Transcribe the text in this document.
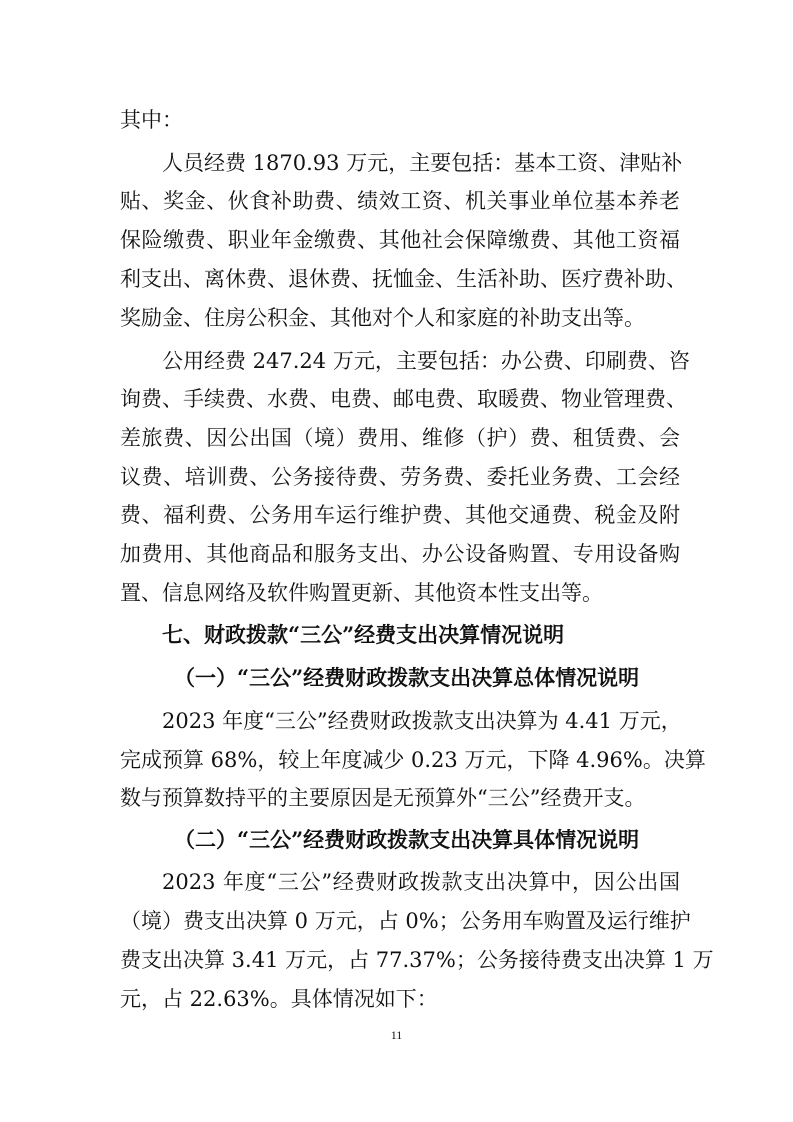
其中：
人员经费 1870.93 万元，主要包括：基本工资、津贴补
贴、奖金、伙食补助费、绩效工资、机关事业单位基本养老
保险缴费、职业年金缴费、其他社会保障缴费、其他工资福
利支出、离休费、退休费、抚恤金、生活补助、医疗费补助、
奖励金、住房公积金、其他对个人和家庭的补助支出等。
公用经费 247.24 万元，主要包括：办公费、印刷费、咨
询费、手续费、水费、电费、邮电费、取暖费、物业管理费、
差旅费、因公出国（境）费用、维修（护）费、租赁费、会
议费、培训费、公务接待费、劳务费、委托业务费、工会经
费、福利费、公务用车运行维护费、其他交通费、税金及附
加费用、其他商品和服务支出、办公设备购置、专用设备购
置、信息网络及软件购置更新、其他资本性支出等。
七、财政拨款“三公”经费支出决算情况说明
（一）“三公”经费财政拨款支出决算总体情况说明
2023 年度“三公”经费财政拨款支出决算为 4.41 万元，
完成预算 68%，较上年度减少 0.23 万元，下降 4.96%。决算
数与预算数持平的主要原因是无预算外“三公”经费开支。
（二）“三公”经费财政拨款支出决算具体情况说明
2023 年度“三公”经费财政拨款支出决算中，因公出国
（境）费支出决算 0 万元，占 0%；公务用车购置及运行维护
费支出决算 3.41 万元，占 77.37%；公务接待费支出决算 1 万
元，占 22.63%。具体情况如下：
11
